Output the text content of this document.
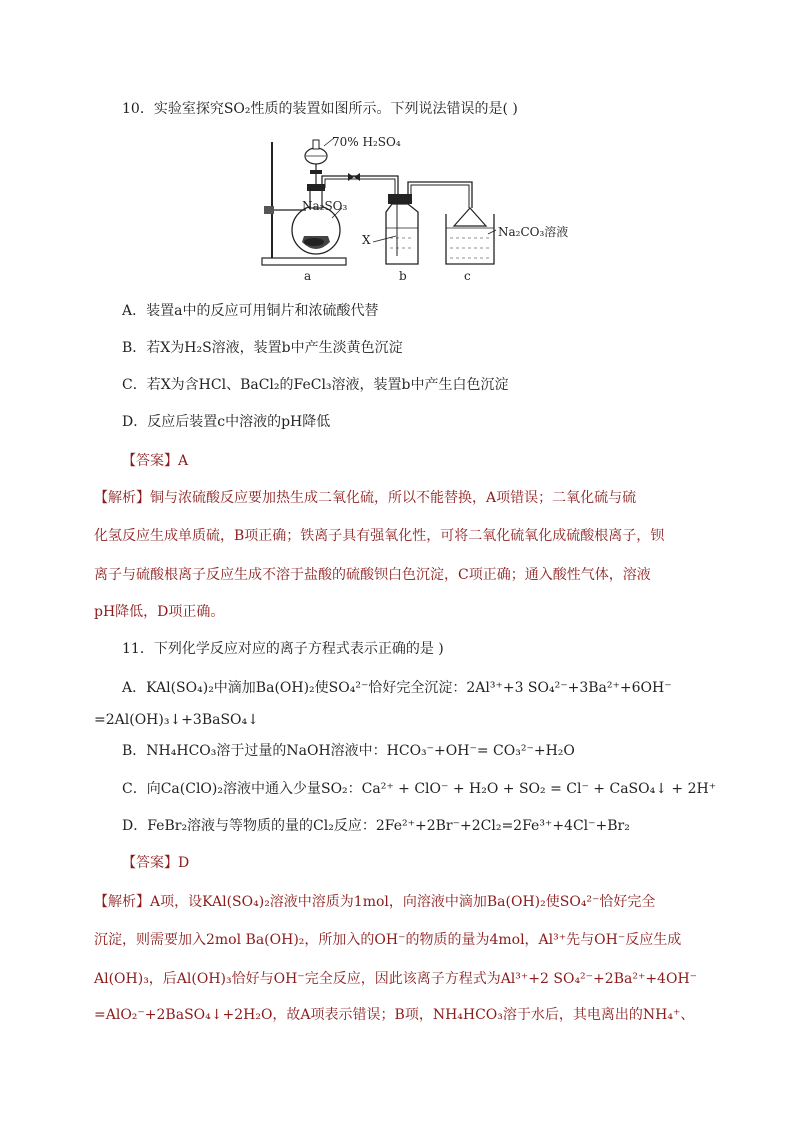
10．实验室探究SO₂性质的装置如图所示。下列说法错误的是( )
70% H₂SO₄
Na₂SO₃
X
Na₂CO₃溶液
a	b	c
A．装置a中的反应可用铜片和浓硫酸代替
B．若X为H₂S溶液，装置b中产生淡黄色沉淀
C．若X为含HCl、BaCl₂的FeCl₃溶液，装置b中产生白色沉淀
D．反应后装置c中溶液的pH降低
【答案】A
【解析】铜与浓硫酸反应要加热生成二氧化硫，所以不能替换，A项错误；二氧化硫与硫
化氢反应生成单质硫，B项正确；铁离子具有强氧化性，可将二氧化硫氧化成硫酸根离子，钡
离子与硫酸根离子反应生成不溶于盐酸的硫酸钡白色沉淀，C项正确；通入酸性气体，溶液
pH降低，D项正确。
11．下列化学反应对应的离子方程式表示正确的是 )
A．KAl(SO₄)₂中滴加Ba(OH)₂使SO₄²⁻恰好完全沉淀：2Al³⁺+3 SO₄²⁻+3Ba²⁺+6OH⁻
=2Al(OH)₃↓+3BaSO₄↓
B．NH₄HCO₃溶于过量的NaOH溶液中：HCO₃⁻+OH⁻= CO₃²⁻+H₂O
C．向Ca(ClO)₂溶液中通入少量SO₂：Ca²⁺ + ClO⁻ + H₂O + SO₂ = Cl⁻ + CaSO₄↓ + 2H⁺
D．FeBr₂溶液与等物质的量的Cl₂反应：2Fe²⁺+2Br⁻+2Cl₂=2Fe³⁺+4Cl⁻+Br₂
【答案】D
【解析】A项，设KAl(SO₄)₂溶液中溶质为1mol，向溶液中滴加Ba(OH)₂使SO₄²⁻恰好完全
沉淀，则需要加入2mol Ba(OH)₂，所加入的OH⁻的物质的量为4mol，Al³⁺先与OH⁻反应生成
Al(OH)₃，后Al(OH)₃恰好与OH⁻完全反应，因此该离子方程式为Al³⁺+2 SO₄²⁻+2Ba²⁺+4OH⁻
=AlO₂⁻+2BaSO₄↓+2H₂O，故A项表示错误；B项，NH₄HCO₃溶于水后，其电离出的NH₄⁺、
